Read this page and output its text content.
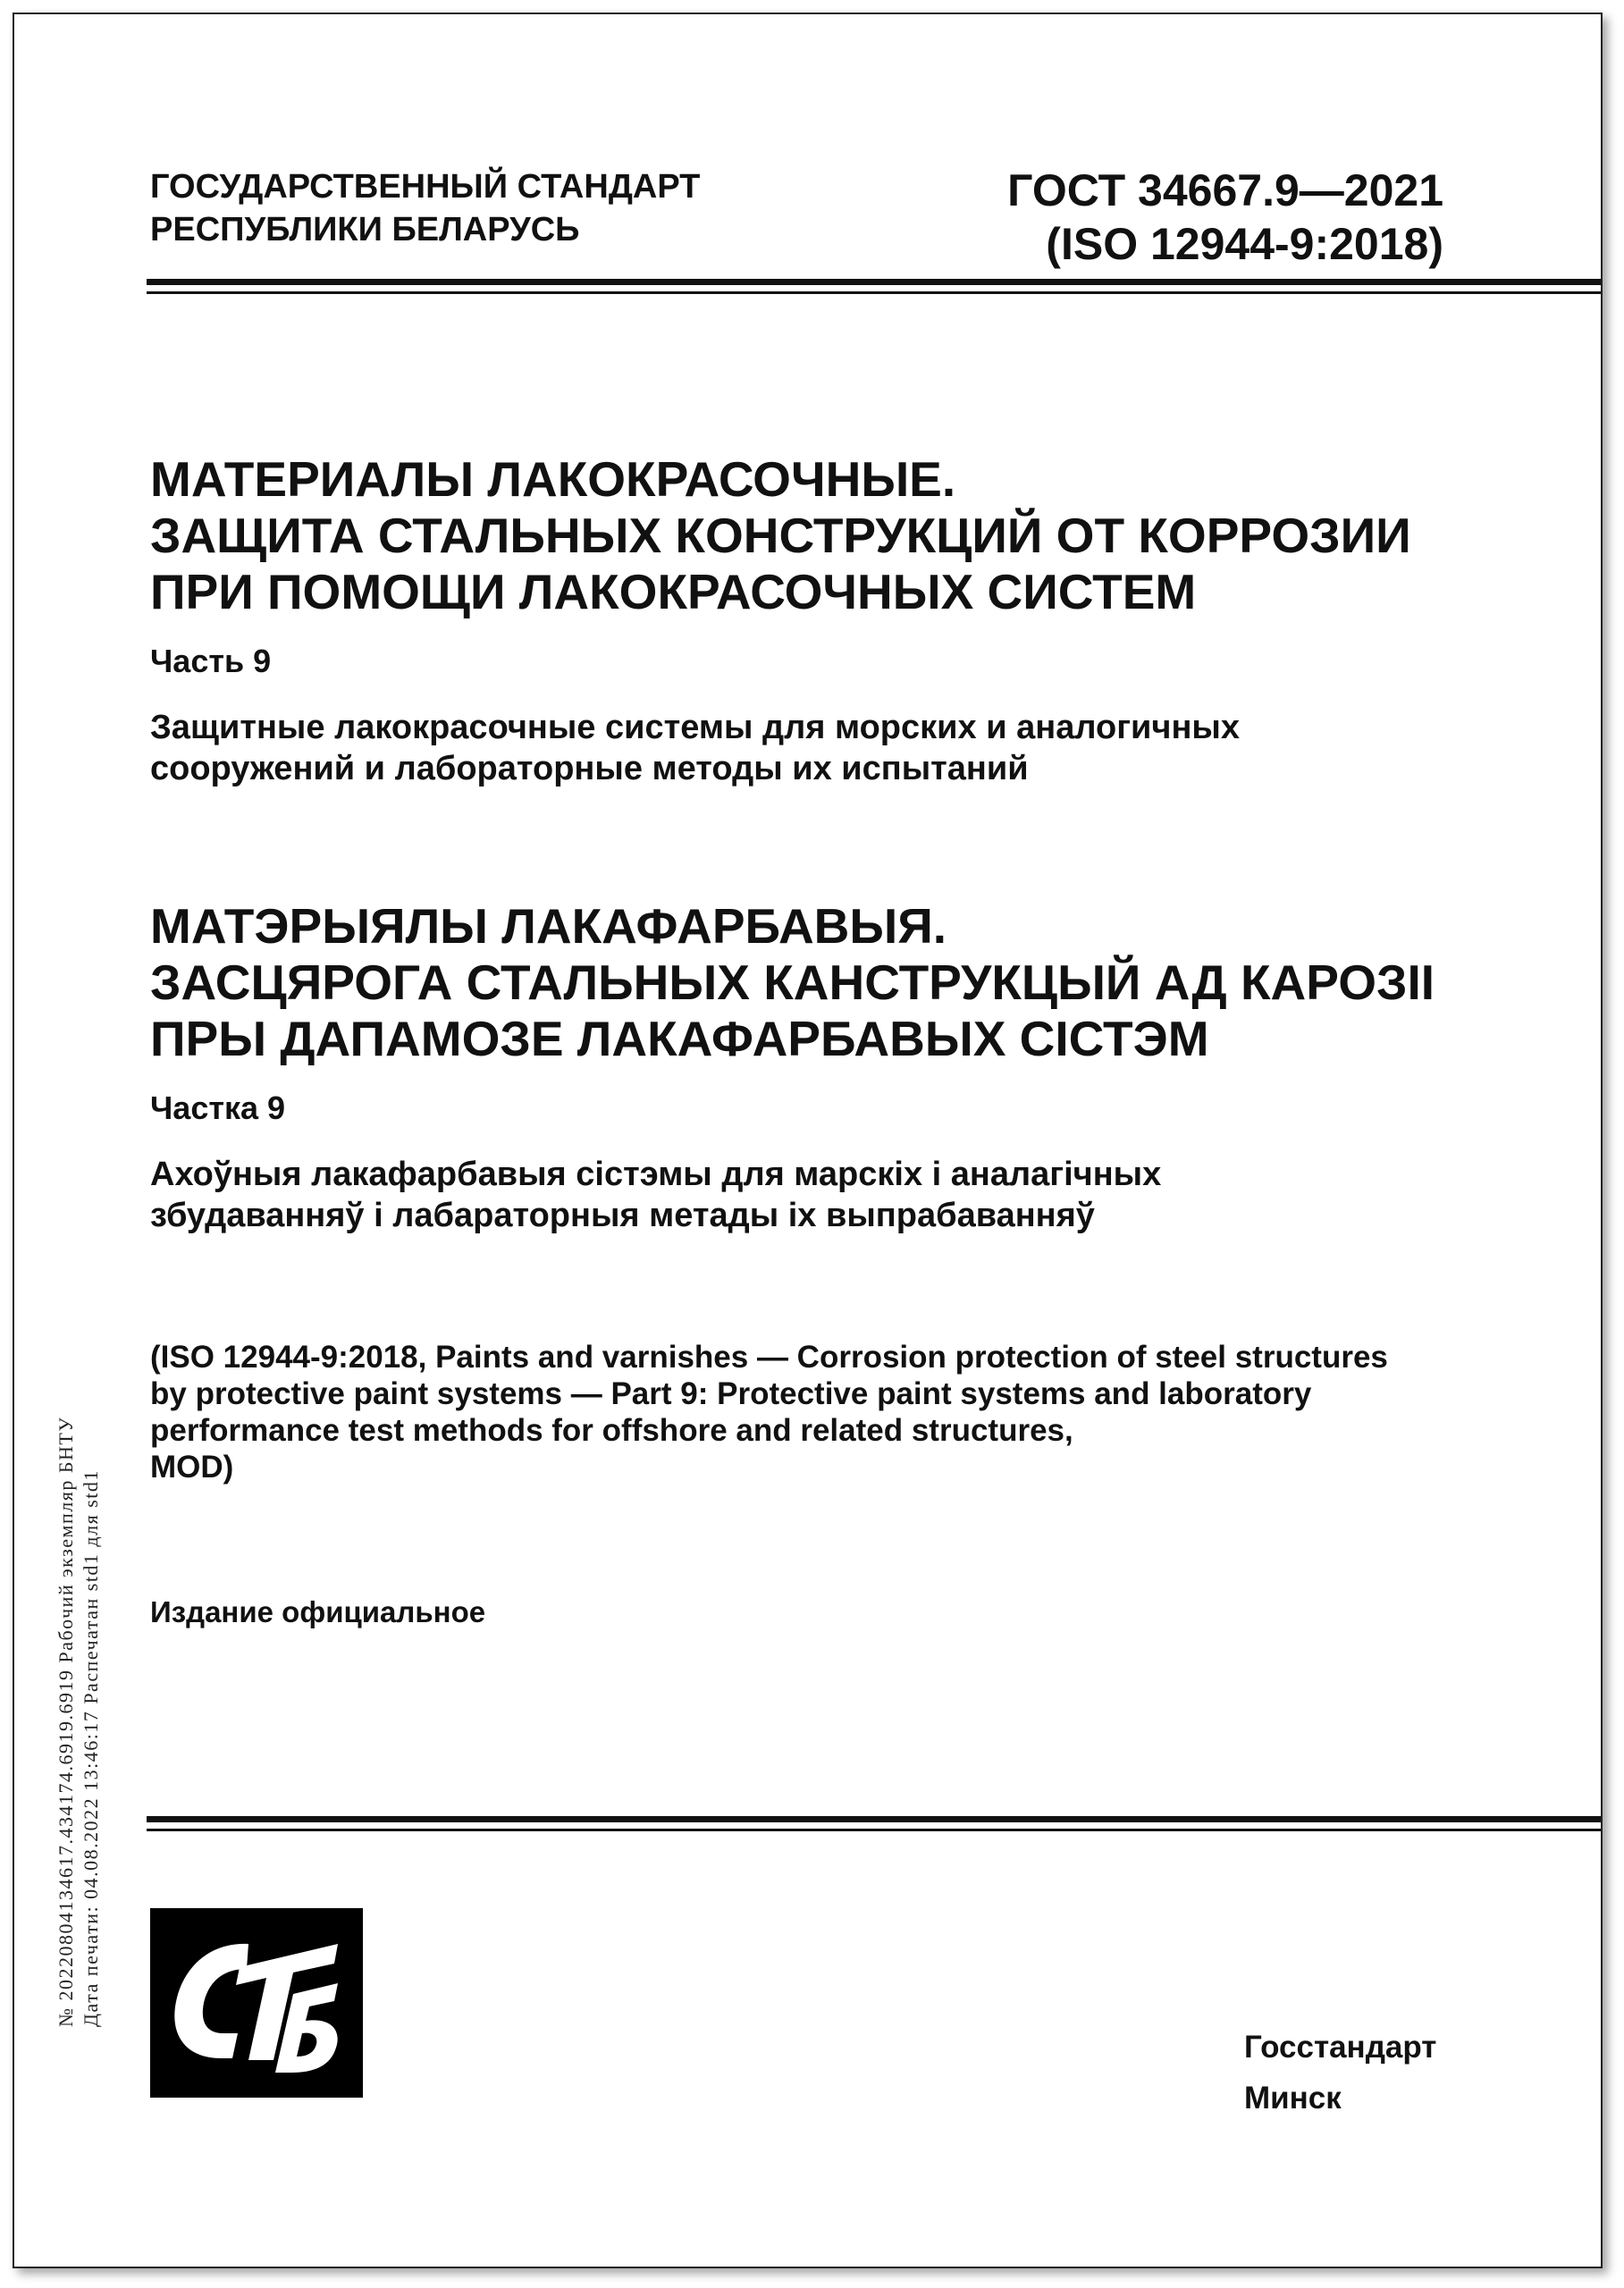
ГОСУДАРСТВЕННЫЙ СТАНДАРТ
РЕСПУБЛИКИ БЕЛАРУСЬ
ГОСТ 34667.9—2021
(ISO 12944-9:2018)
МАТЕРИАЛЫ ЛАКОКРАСОЧНЫЕ.
ЗАЩИТА СТАЛЬНЫХ КОНСТРУКЦИЙ ОТ КОРРОЗИИ
ПРИ ПОМОЩИ ЛАКОКРАСОЧНЫХ СИСТЕМ
Часть 9
Защитные лакокрасочные системы для морских и аналогичных
сооружений и лабораторные методы их испытаний
МАТЭРЫЯЛЫ ЛАКАФАРБАВЫЯ.
ЗАСЦЯРОГА СТАЛЬНЫХ КАНСТРУКЦЫЙ АД КАРОЗІІ
ПРЫ ДАПАМОЗЕ ЛАКАФАРБАВЫХ СІСТЭМ
Частка 9
Ахоўныя лакафарбавыя сістэмы для марскіх і аналагічных
збудаванняў і лабараторныя метады іх выпрабаванняў
(ISO 12944-9:2018, Paints and varnishes — Corrosion protection of steel structures
by protective paint systems — Part 9: Protective paint systems and laboratory
performance test methods for offshore and related structures,
MOD)
Издание официальное
Госстандарт
Минск
№ 20220804134617.434174.6919.6919 Рабочий экземпляр БНТУ Дата печати: 04.08.2022 13:46:17 Распечатан std1 для std1
